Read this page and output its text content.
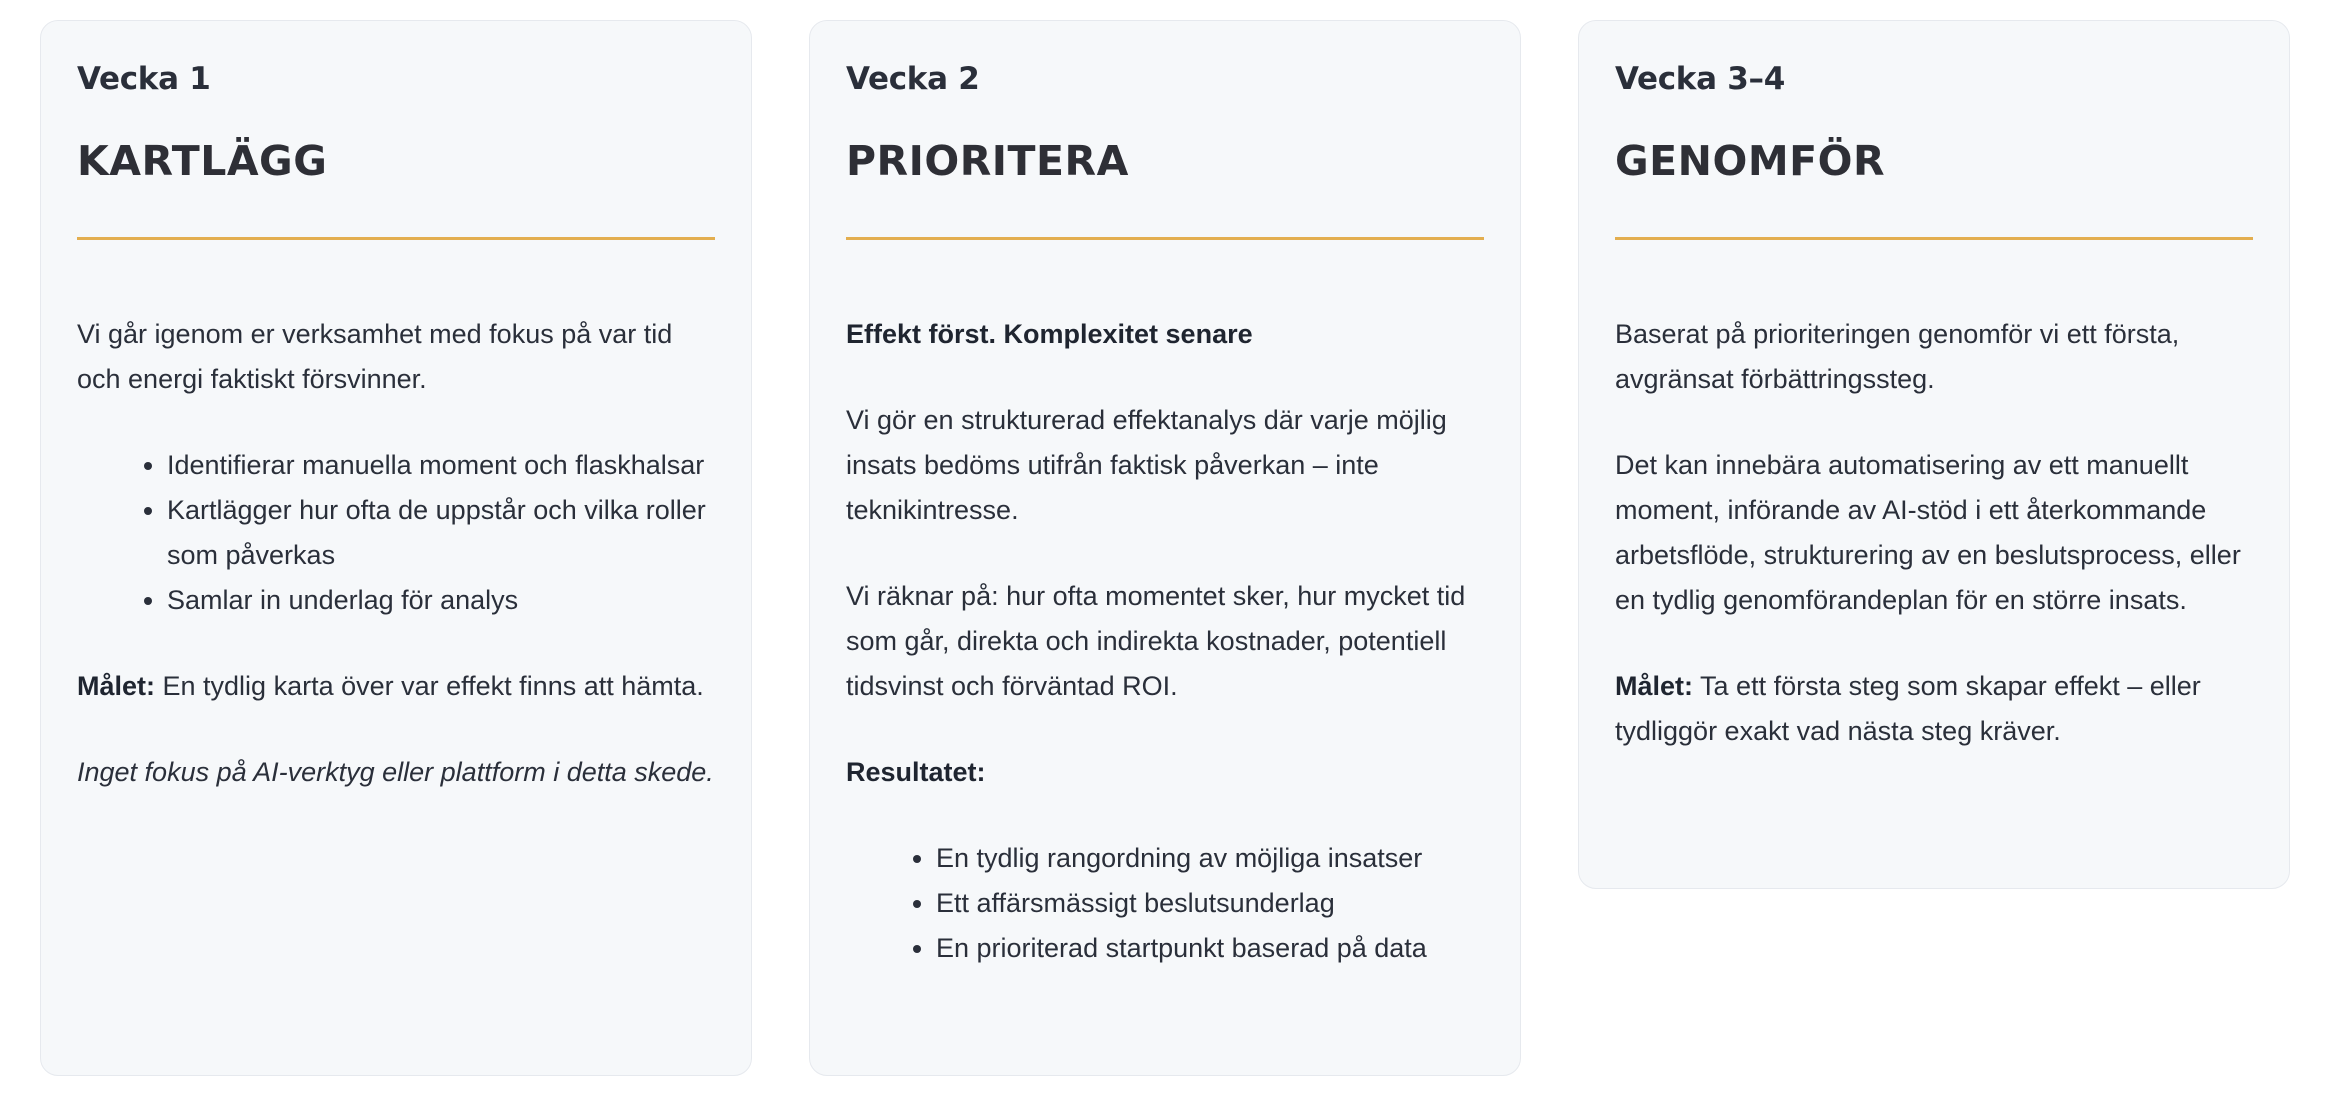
Vecka 1
KARTLÄGG

Vi går igenom er verksamhet med fokus på var tid och energi faktiskt försvinner.

• Identifierar manuella moment och flaskhalsar
• Kartlägger hur ofta de uppstår och vilka roller som påverkas
• Samlar in underlag för analys

Målet: En tydlig karta över var effekt finns att hämta.

Inget fokus på AI-verktyg eller plattform i detta skede.

Vecka 2
PRIORITERA

Effekt först. Komplexitet senare

Vi gör en strukturerad effektanalys där varje möjlig insats bedöms utifrån faktisk påverkan – inte teknikintresse.

Vi räknar på: hur ofta momentet sker, hur mycket tid som går, direkta och indirekta kostnader, potentiell tidsvinst och förväntad ROI.

Resultatet:

• En tydlig rangordning av möjliga insatser
• Ett affärsmässigt beslutsunderlag
• En prioriterad startpunkt baserad på data
Vecka 3–4
GENOMFÖR

Baserat på prioriteringen genomför vi ett första, avgränsat förbättringssteg.

Det kan innebära automatisering av ett manuellt moment, införande av AI-stöd i ett återkommande arbetsflöde, strukturering av en beslutsprocess, eller en tydlig genomförandeplan för en större insats.

Målet: Ta ett första steg som skapar effekt – eller tydliggör exakt vad nästa steg kräver.
